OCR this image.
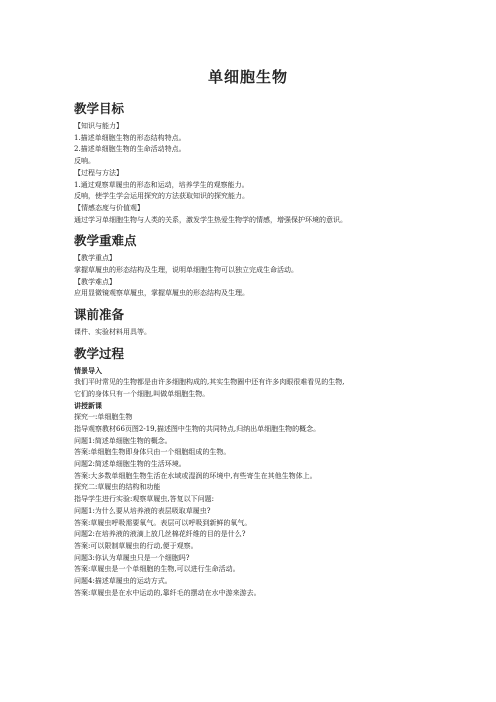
单细胞生物
教学目标
【知识与能力】
1.描述单细胞生物的形态结构特点。
2.描述单细胞生物的生命活动特点。
反响。
【过程与方法】
1.通过观察草履虫的形态和运动，培养学生的观察能力。
反响，使学生学会运用探究的方法获取知识的探究能力。
【情感态度与价值观】
通过学习单细胞生物与人类的关系，激发学生热爱生物学的情感，增强保护环境的意识。
教学重难点
【教学重点】
掌握草履虫的形态结构及生理，说明单细胞生物可以独立完成生命活动。
【教学难点】
应用显微镜观察草履虫，掌握草履虫的形态结构及生理。
课前准备
课件、实验材料用具等。
教学过程
情景导入
我们平时常见的生物都是由许多细胞构成的,其实生物圈中还有许多肉眼很难看见的生物,
它们的身体只有一个细胞,叫做单细胞生物。
讲授新课
探究一:单细胞生物
指导观察教材66页图2-19,描述图中生物的共同特点,归纳出单细胞生物的概念。
问题1:简述单细胞生物的概念。
答案:单细胞生物即身体只由一个细胞组成的生物。
问题2:简述单细胞生物的生活环境。
答案:大多数单细胞生物生活在水域或湿润的环境中,有些寄生在其他生物体上。
探究二:草履虫的结构和功能
指导学生进行实验:观察草履虫,答复以下问题:
问题1:为什么要从培养液的表层吸取草履虫?
答案:草履虫呼吸需要氧气。表层可以呼吸到新鲜的氧气。
问题2:在培养液的液滴上放几丝棉花纤维的目的是什么?
答案:可以限制草履虫的行动,便于观察。
问题3:你认为草履虫只是一个细胞吗?
答案:草履虫是一个单细胞的生物,可以进行生命活动。
问题4:描述草履虫的运动方式。
答案:草履虫是在水中运动的,靠纤毛的摆动在水中游来游去。
